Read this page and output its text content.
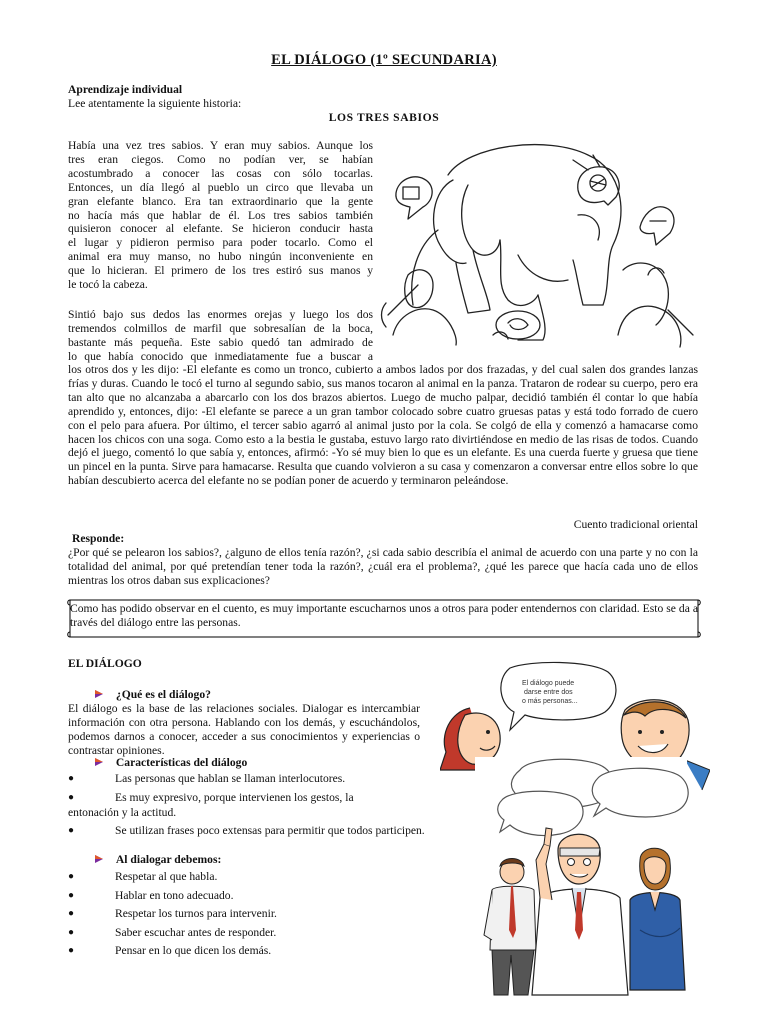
EL DIÁLOGO (1º SECUNDARIA)
Aprendizaje individual
Lee atentamente la siguiente historia:
LOS TRES SABIOS
Había una vez tres sabios. Y eran muy sabios. Aunque los
tres eran ciegos. Como no podían ver, se habían
acostumbrado a conocer las cosas con sólo tocarlas.
Entonces, un día llegó al pueblo un circo que llevaba un
gran elefante blanco. Era tan extraordinario que la gente
no hacía más que hablar de él. Los tres sabios también
quisieron conocer al elefante. Se hicieron conducir hasta
el lugar y pidieron permiso para poder tocarlo. Como el
animal era muy manso, no hubo ningún inconveniente en
que lo hicieran. El primero de los tres estiró sus manos y
le tocó la cabeza.
Sintió bajo sus dedos las enormes orejas y luego los dos
tremendos colmillos de marfil que sobresalían de la boca,
bastante más pequeña. Este sabio quedó tan admirado de
lo que había conocido que inmediatamente fue a buscar a
los otros dos y les dijo: -El elefante es como un tronco, cubierto a ambos lados por dos frazadas, y del cual salen dos grandes lanzas frías y duras. Cuando le tocó el turno al segundo sabio, sus manos tocaron al animal en la panza. Trataron de rodear su cuerpo, pero era tan alto que no alcanzaba a abarcarlo con los dos brazos abiertos. Luego de mucho palpar, decidió también él contar lo que había aprendido y, entonces, dijo: -El elefante se parece a un gran tambor colocado sobre cuatro gruesas patas y está todo forrado de cuero con el pelo para afuera. Por último, el tercer sabio agarró al animal justo por la cola. Se colgó de ella y comenzó a hamacarse como hacen los chicos con una soga. Como esto a la bestia le gustaba, estuvo largo rato divirtiéndose en medio de las risas de todos. Cuando dejó el juego, comentó lo que sabía y, entonces, afirmó: -Yo sé muy bien lo que es un elefante. Es una cuerda fuerte y gruesa que tiene un pincel en la punta. Sirve para hamacarse. Resulta que cuando volvieron a su casa y comenzaron a conversar entre ellos sobre lo que habían descubierto acerca del elefante no se podían poner de acuerdo y terminaron peleándose.
Cuento tradicional oriental
Responde:
¿Por qué se pelearon los sabios?, ¿alguno de ellos tenía razón?, ¿si cada sabio describía el animal de acuerdo con una parte y no con la totalidad del animal, por qué pretendían tener toda la razón?, ¿cuál era el problema?, ¿qué les parece que hacía cada uno de ellos mientras los otros daban sus explicaciones?
Como has podido observar en el cuento, es muy importante escucharnos unos a otros para poder entendernos con claridad. Esto se da a través del diálogo entre las personas.
EL DIÁLOGO
¿Qué es el diálogo?
El diálogo es la base de las relaciones sociales. Dialogar es intercambiar información con otra persona. Hablando con los demás, y escuchándolos, podemos darnos a conocer, acceder a sus conocimientos y experiencias o contrastar opiniones.
Características del diálogo
●	Las personas que hablan se llaman interlocutores.
●	Es muy expresivo, porque intervienen los gestos, la
entonación y la actitud.
●	Se utilizan frases poco extensas para permitir que todos participen.
Al dialogar debemos:
●	Respetar al que habla.
●	Hablar en tono adecuado.
●	Respetar los turnos para intervenir.
●	Saber escuchar antes de responder.
●	Pensar en lo que dicen los demás.
El diálogo puede
darse entre dos
o más personas...
